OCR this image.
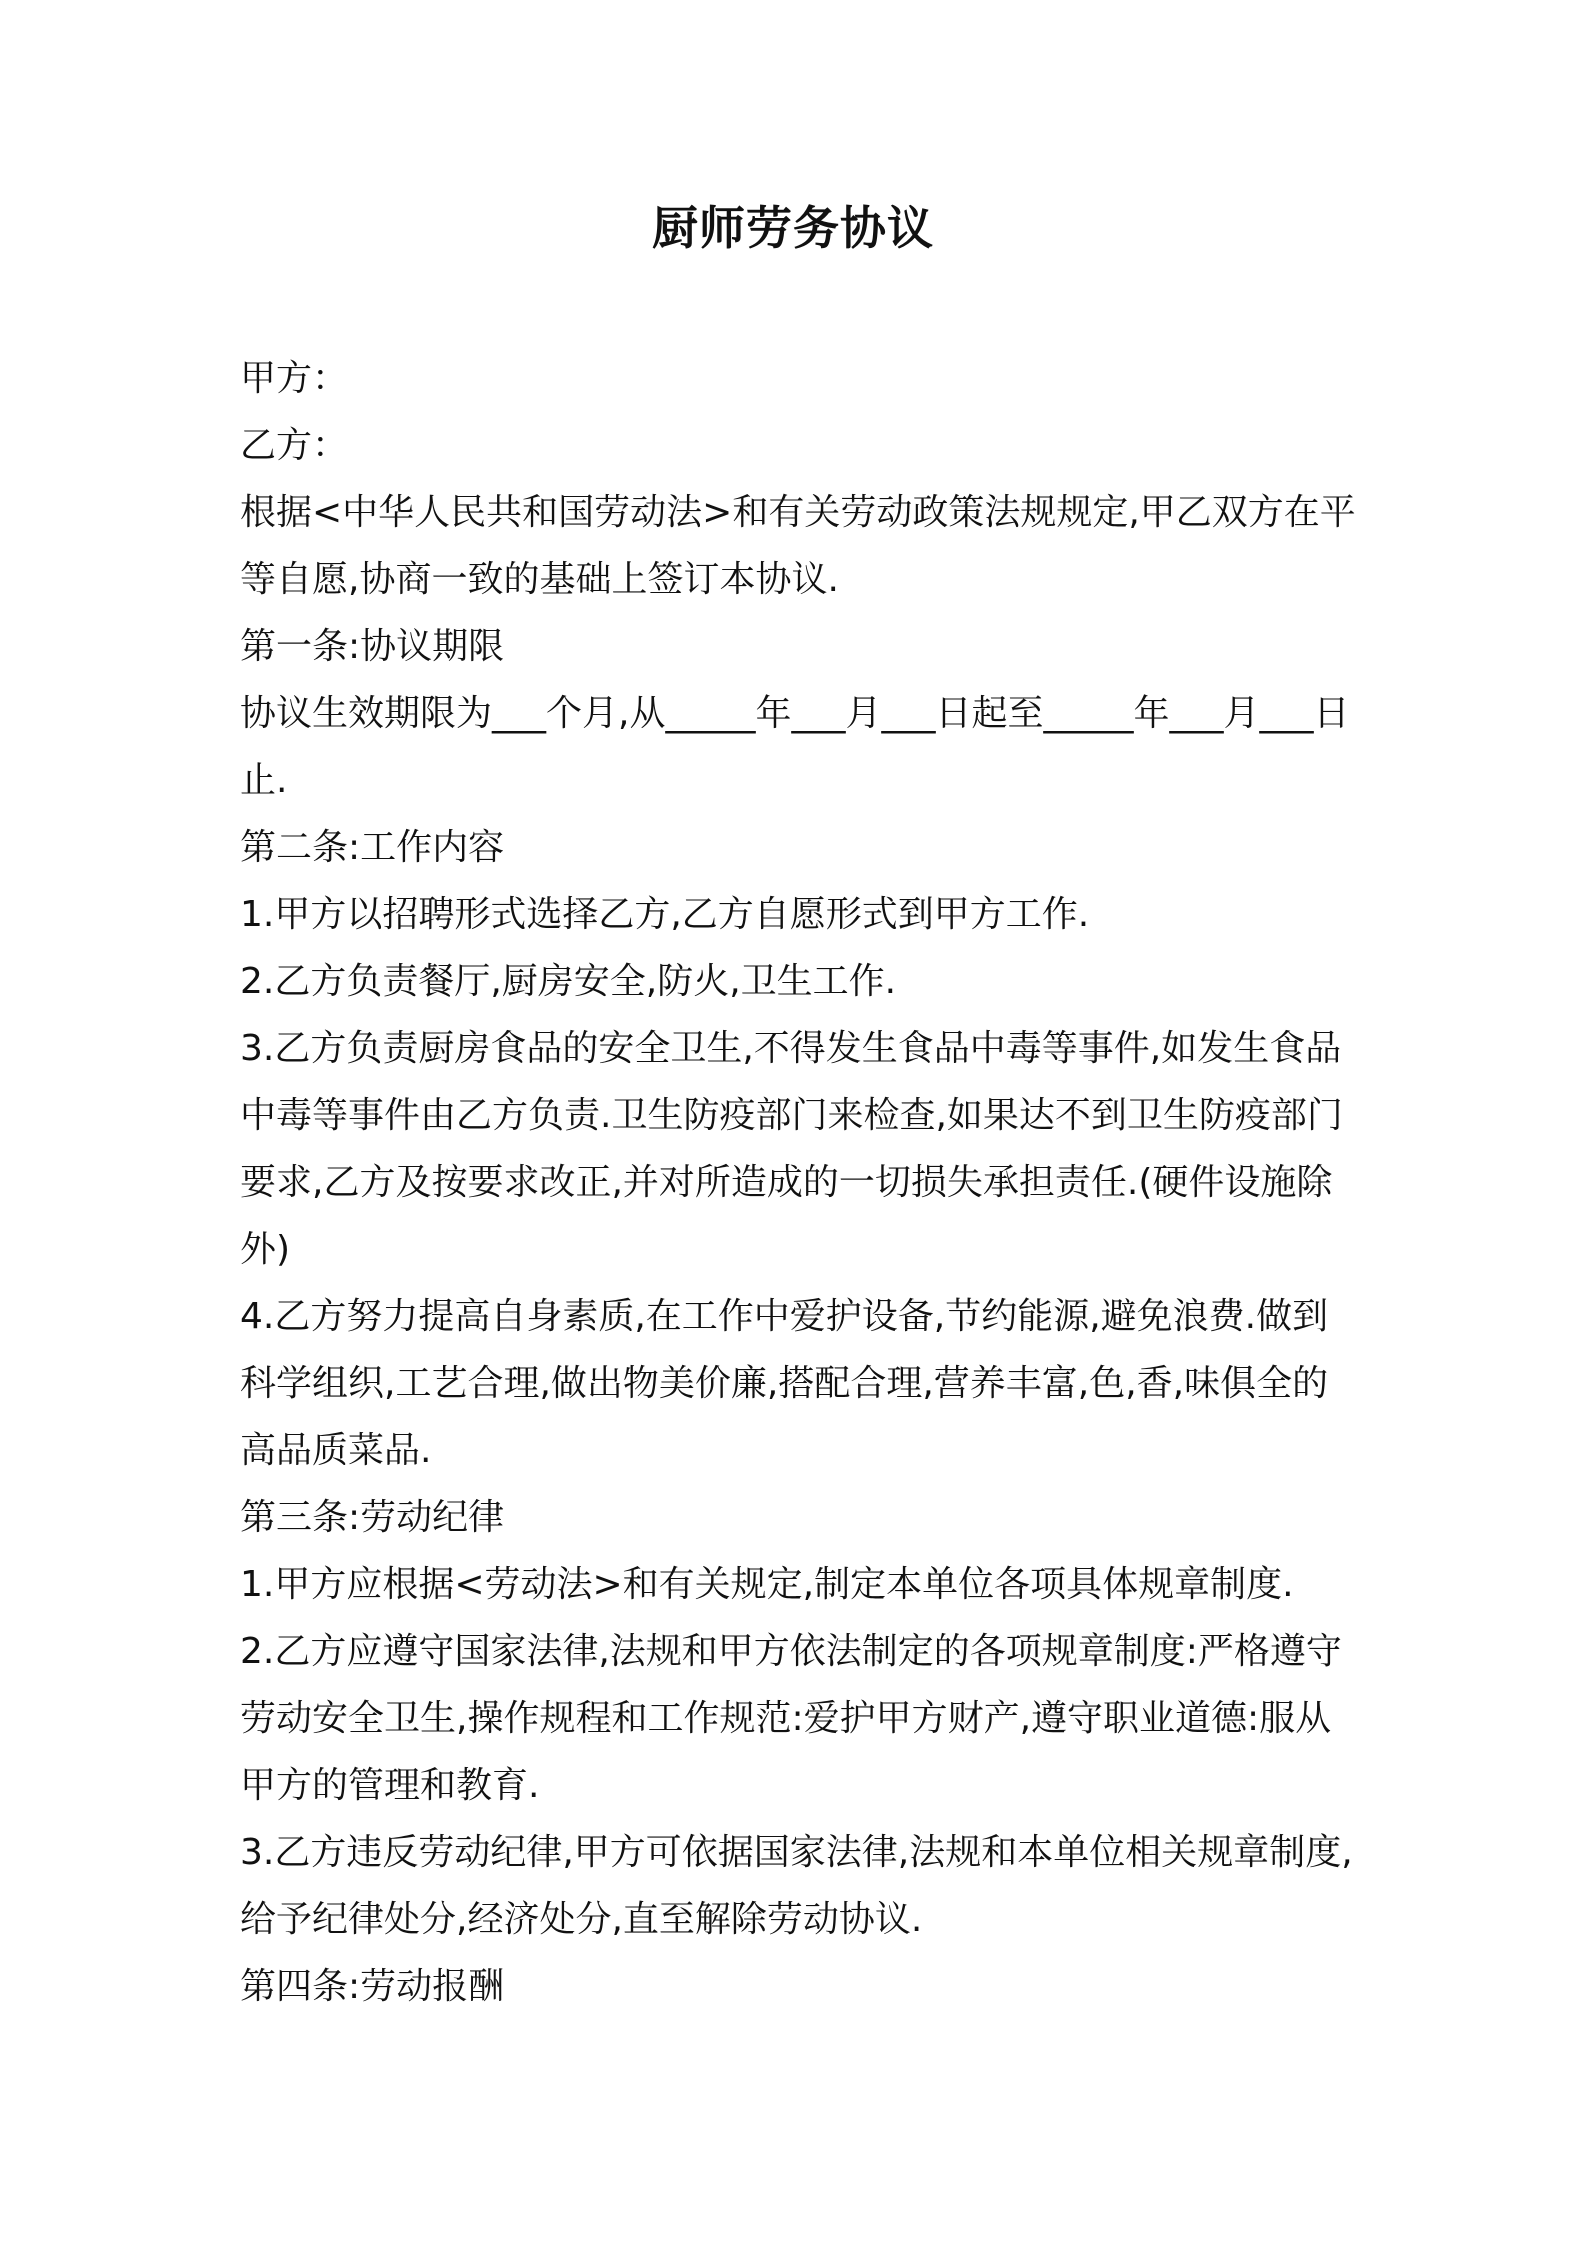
厨师劳务协议

甲方：

乙方：

根据<中华人民共和国劳动法>和有关劳动政策法规规定,甲乙双方在平等自愿,协商一致的基础上签订本协议.

第一条:协议期限

协议生效期限为___个月,从_____年___月___日起至_____年___月___日止.

第二条:工作内容

1.甲方以招聘形式选择乙方,乙方自愿形式到甲方工作.

2.乙方负责餐厅,厨房安全,防火,卫生工作.

3.乙方负责厨房食品的安全卫生,不得发生食品中毒等事件,如发生食品中毒等事件由乙方负责.卫生防疫部门来检查,如果达不到卫生防疫部门要求,乙方及按要求改正,并对所造成的一切损失承担责任.(硬件设施除外)

4.乙方努力提高自身素质,在工作中爱护设备,节约能源,避免浪费.做到科学组织,工艺合理,做出物美价廉,搭配合理,营养丰富,色,香,味俱全的高品质菜品.

第三条:劳动纪律

1.甲方应根据<劳动法>和有关规定,制定本单位各项具体规章制度.

2.乙方应遵守国家法律,法规和甲方依法制定的各项规章制度:严格遵守劳动安全卫生,操作规程和工作规范:爱护甲方财产,遵守职业道德:服从甲方的管理和教育.

3.乙方违反劳动纪律,甲方可依据国家法律,法规和本单位相关规章制度,给予纪律处分,经济处分,直至解除劳动协议.

第四条:劳动报酬
